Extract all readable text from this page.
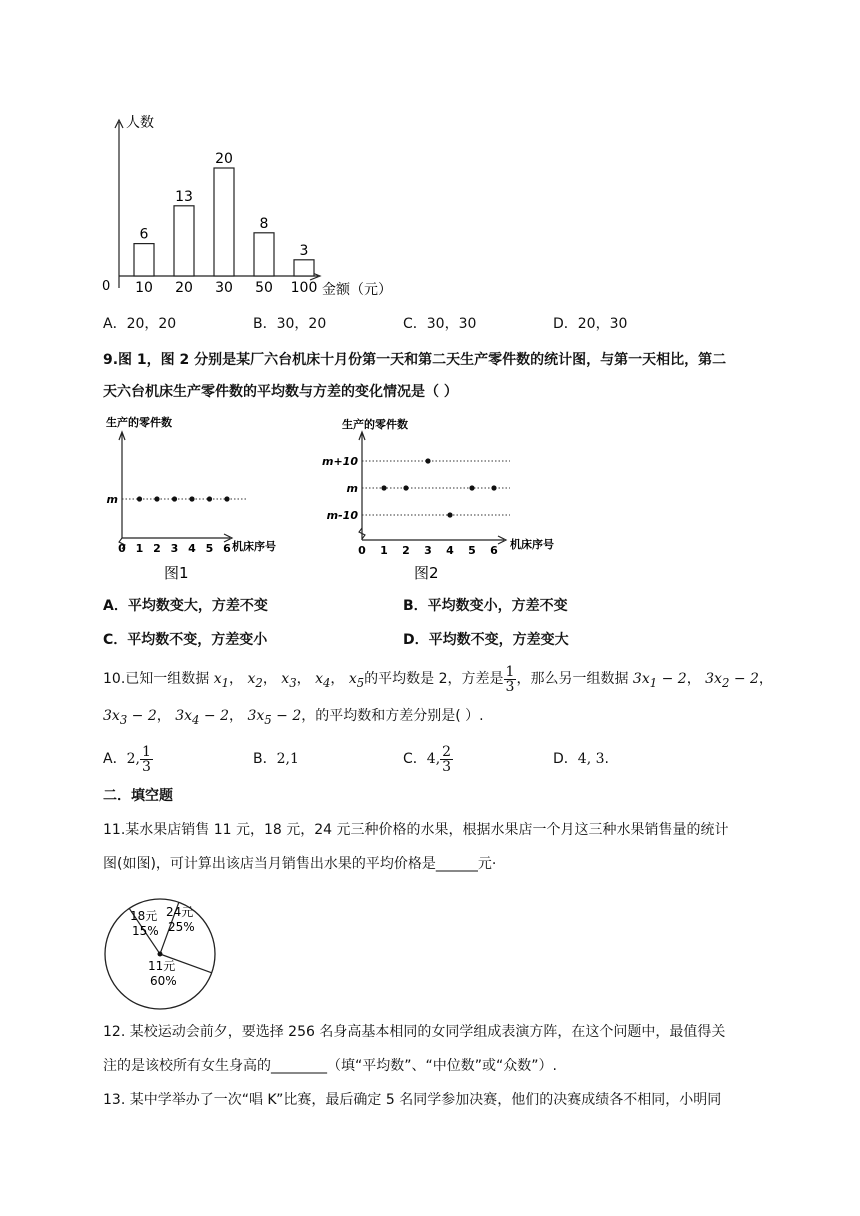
人数
金额（元）
0
6
10
13
20
20
30
8
50
3
100
A．20，20	B．30，20	C．30，30	D．20，30
9.图 1，图 2 分别是某厂六台机床十月份第一天和第二天生产零件数的统计图，与第一天相比，第二
天六台机床生产零件数的平均数与方差的变化情况是（ ）
生产的零件数
机床序号
0 1 2 3 4 5 6
m
图1
生产的零件数
机床序号
0 1 2 3 4 5 6
m+10
m
m-10
图2
A．平均数变大，方差不变	B．平均数变小，方差不变
C．平均数不变，方差变小	D．平均数不变，方差变大
10.已知一组数据 $x_1$， $x_2$， $x_3$， $x_4$， $x_5$的平均数是 2，方差是 $\frac{1}{3}$ ，那么另一组数据 $3x_1 - 2$， $3x_2 - 2$，
$3x_3 - 2$， $3x_4 - 2$， $3x_5 - 2$，的平均数和方差分别是( ）.
A．2, $\frac{1}{3}$	B．2,1	C．4, $\frac{2}{3}$	D．4, 3.
二．填空题
11.某水果店销售 11 元，18 元，24 元三种价格的水果，根据水果店一个月这三种水果销售量的统计
图(如图)，可计算出该店当月销售出水果的平均价格是______元·
18元
15%
24元
25%
11元
60%
12. 某校运动会前夕，要选择 256 名身高基本相同的女同学组成表演方阵，在这个问题中，最值得关
注的是该校所有女生身高的________（填“平均数”、“中位数”或“众数”）.
13. 某中学举办了一次“唱 K”比赛，最后确定 5 名同学参加决赛，他们的决赛成绩各不相同，小明同
